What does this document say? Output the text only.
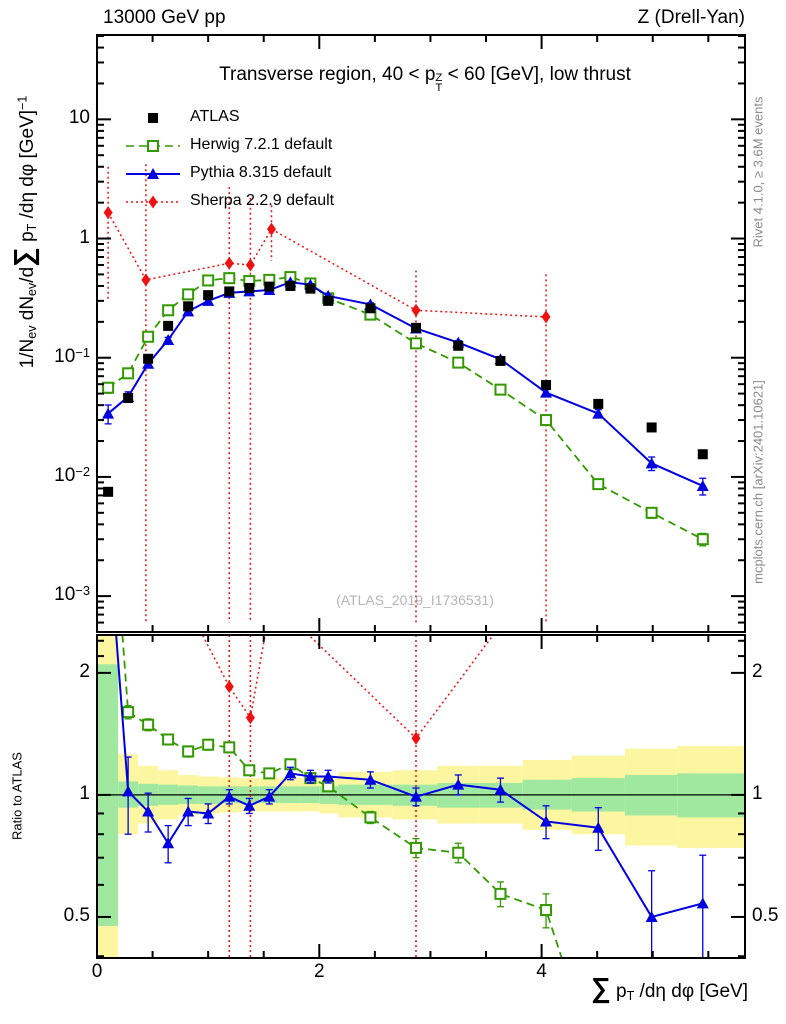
13000 GeV pp	Z (Drell-Yan)
Transverse region, 40 < p Z
T
< 60 [GeV], low thrust
1/Nev dNev/d∑ pT /dη dφ [GeV]$^{-1}$	Rivet 4.1.0, ≥ 3.6M events
mcplots.cern.ch [arXiv:2401.10621]
(ATLAS_2019_I1736531)
Ratio to ATLAS
∑ pT /dη dφ [GeV]
ATLAS
Herwig 7.2.1 default
Pythia 8.315 default
Sherpa 2.2.9 default
10
1
$10^{-1}$
$10^{-2}$
$10^{-3}$
2	2
1	1
0.5	0.5
0	2	4
